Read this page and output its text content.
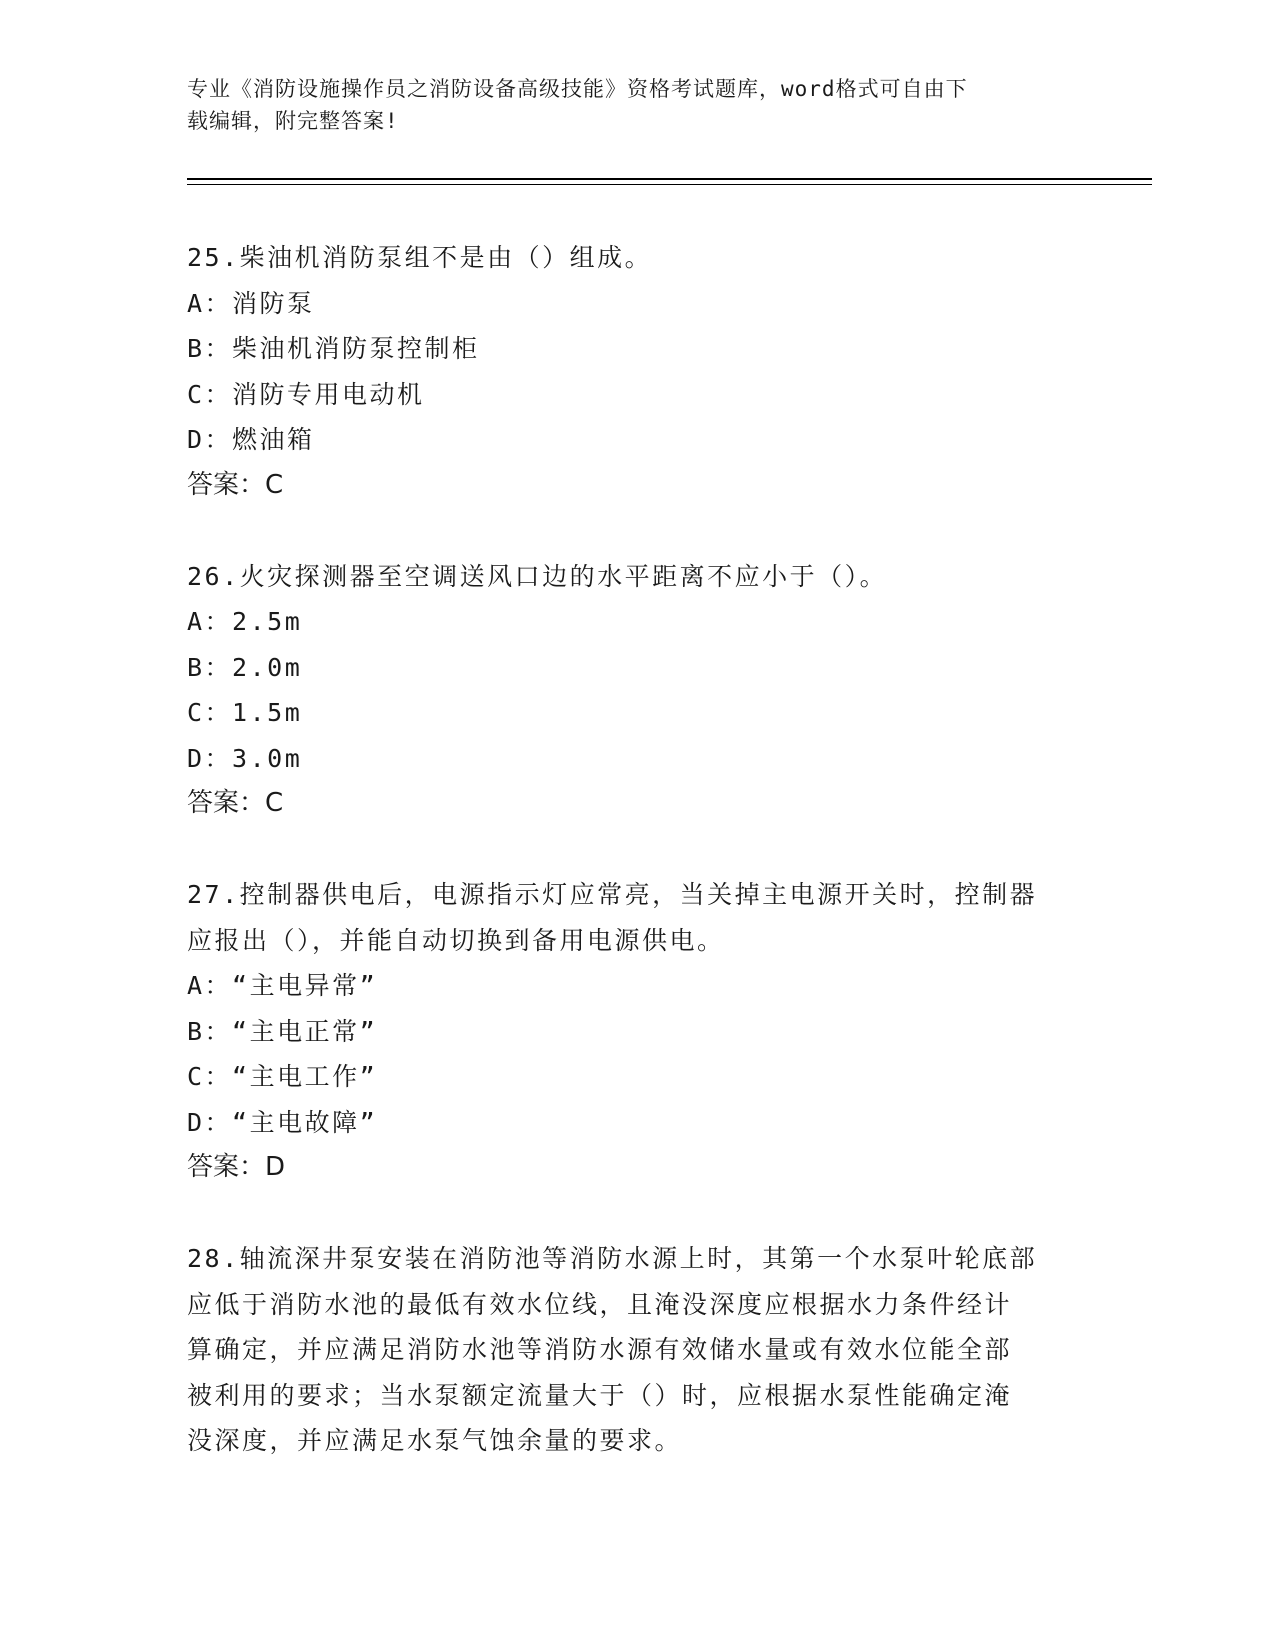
专业《消防设施操作员之消防设备高级技能》资格考试题库，word格式可自由下
载编辑，附完整答案!

25.柴油机消防泵组不是由（）组成。

A：消防泵

B：柴油机消防泵控制柜

C：消防专用电动机

D：燃油箱

答案：C

26.火灾探测器至空调送风口边的水平距离不应小于（）。

A：2.5m

B：2.0m

C：1.5m

D：3.0m

答案：C

27.控制器供电后，电源指示灯应常亮，当关掉主电源开关时，控制器

应报出（），并能自动切换到备用电源供电。

A：“主电异常”

B：“主电正常”

C：“主电工作”

D：“主电故障”

答案：D

28.轴流深井泵安装在消防池等消防水源上时，其第一个水泵叶轮底部

应低于消防水池的最低有效水位线，且淹没深度应根据水力条件经计

算确定，并应满足消防水池等消防水源有效储水量或有效水位能全部

被利用的要求；当水泵额定流量大于（）时，应根据水泵性能确定淹

没深度，并应满足水泵气蚀余量的要求。
